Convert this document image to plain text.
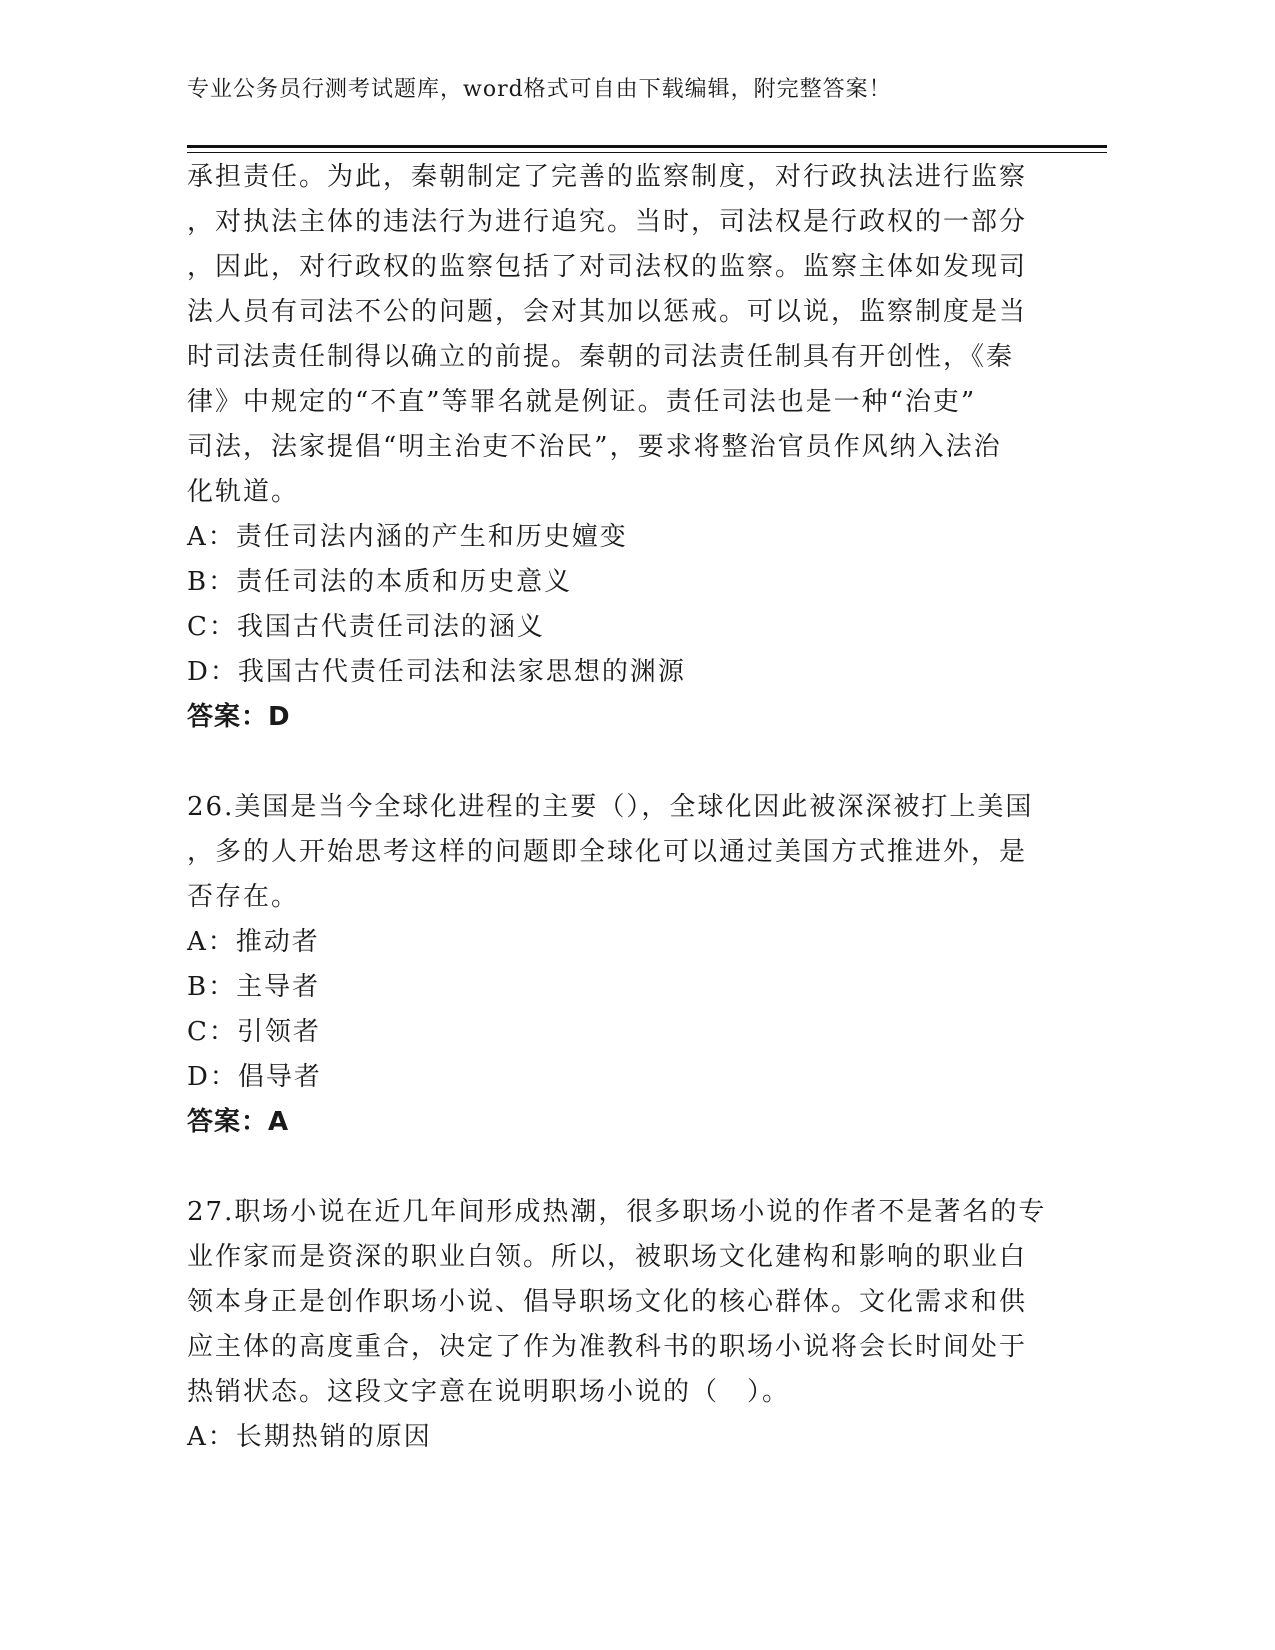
专业公务员行测考试题库，word格式可自由下载编辑，附完整答案！
承担责任。为此，秦朝制定了完善的监察制度，对行政执法进行监察
，对执法主体的违法行为进行追究。当时，司法权是行政权的一部分
，因此，对行政权的监察包括了对司法权的监察。监察主体如发现司
法人员有司法不公的问题，会对其加以惩戒。可以说，监察制度是当
时司法责任制得以确立的前提。秦朝的司法责任制具有开创性，《秦
律》中规定的“不直”等罪名就是例证。责任司法也是一种“治吏”
司法，法家提倡“明主治吏不治民”，要求将整治官员作风纳入法治
化轨道。
A：责任司法内涵的产生和历史嬗变
B：责任司法的本质和历史意义
C：我国古代责任司法的涵义
D：我国古代责任司法和法家思想的渊源
答案：D
26.美国是当今全球化进程的主要（），全球化因此被深深被打上美国
，多的人开始思考这样的问题即全球化可以通过美国方式推进外，是
否存在。
A：推动者
B：主导者
C：引领者
D：倡导者
答案：A
27.职场小说在近几年间形成热潮，很多职场小说的作者不是著名的专
业作家而是资深的职业白领。所以，被职场文化建构和影响的职业白
领本身正是创作职场小说、倡导职场文化的核心群体。文化需求和供
应主体的高度重合，决定了作为准教科书的职场小说将会长时间处于
热销状态。这段文字意在说明职场小说的（　）。
A：长期热销的原因
